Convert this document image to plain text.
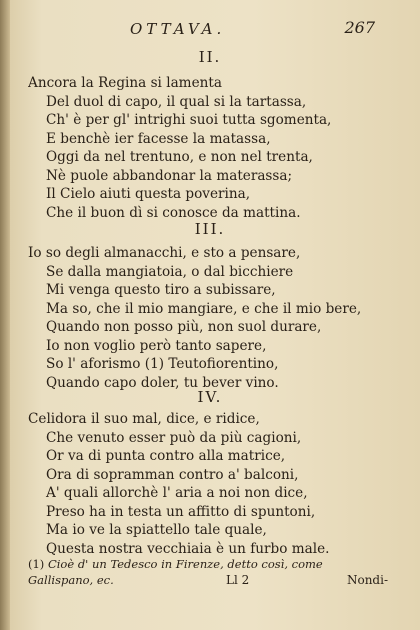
OTTAVA.	267
II.
Ancora la Regina si lamenta
Del duol di capo, il qual si la tartassa,
Ch' è per gl' intrighi suoi tutta sgomenta,
E benchè ier facesse la matassa,
Oggi da nel trentuno, e non nel trenta,
Nè puole abbandonar la materassa;
Il Cielo aiuti questa poverina,
Che il buon dì si conosce da mattina.
III.
Io so degli almanacchi, e sto a pensare,
Se dalla mangiatoia, o dal bicchiere
Mi venga questo tiro a subissare,
Ma so, che il mio mangiare, e che il mio bere,
Quando non posso più, non suol durare,
Io non voglio però tanto sapere,
So l' aforismo (1) Teutofiorentino,
Quando capo doler, tu bever vino.
IV.
Celidora il suo mal, dice, e ridice,
Che venuto esser può da più cagioni,
Or va di punta contro alla matrice,
Ora di sopramman contro a' balconi,
A' quali allorchè l' aria a noi non dice,
Preso ha in testa un affitto di spuntoni,
Ma io ve la spiattello tale quale,
Questa nostra vecchiaia è un furbo male.
(1) Cioè d' un Tedesco in Firenze, detto così, come
Gallispano, ec.	Ll 2	Nondi-
